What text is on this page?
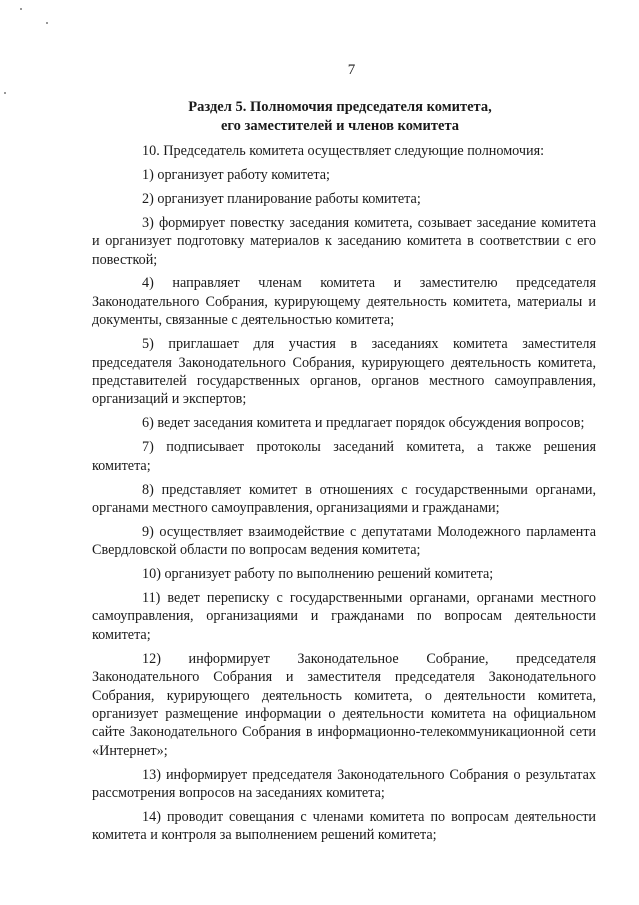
7
Раздел 5. Полномочия председателя комитета,
его заместителей и членов комитета

10. Председатель комитета осуществляет следующие полномочия:

1) организует работу комитета;

2) организует планирование работы комитета;

3) формирует повестку заседания комитета, созывает заседание комитета и организует подготовку материалов к заседанию комитета в соответствии с его повесткой;

4) направляет членам комитета и заместителю председателя Законодательного Собрания, курирующему деятельность комитета, материалы и документы, связанные с деятельностью комитета;

5) приглашает для участия в заседаниях комитета заместителя председателя Законодательного Собрания, курирующего деятельность комитета, представителей государственных органов, органов местного самоуправления, организаций и экспертов;

6) ведет заседания комитета и предлагает порядок обсуждения вопросов;

7) подписывает протоколы заседаний комитета, а также решения комитета;

8) представляет комитет в отношениях с государственными органами, органами местного самоуправления, организациями и гражданами;

9) осуществляет взаимодействие с депутатами Молодежного парламента Свердловской области по вопросам ведения комитета;

10) организует работу по выполнению решений комитета;

11) ведет переписку с государственными органами, органами местного самоуправления, организациями и гражданами по вопросам деятельности комитета;

12) информирует Законодательное Собрание, председателя Законодательного Собрания и заместителя председателя Законодательного Собрания, курирующего деятельность комитета, о деятельности комитета, организует размещение информации о деятельности комитета на официальном сайте Законодательного Собрания в информационно-телекоммуникационной сети «Интернет»;

13) информирует председателя Законодательного Собрания о результатах рассмотрения вопросов на заседаниях комитета;

14) проводит совещания с членами комитета по вопросам деятельности комитета и контроля за выполнением решений комитета;
